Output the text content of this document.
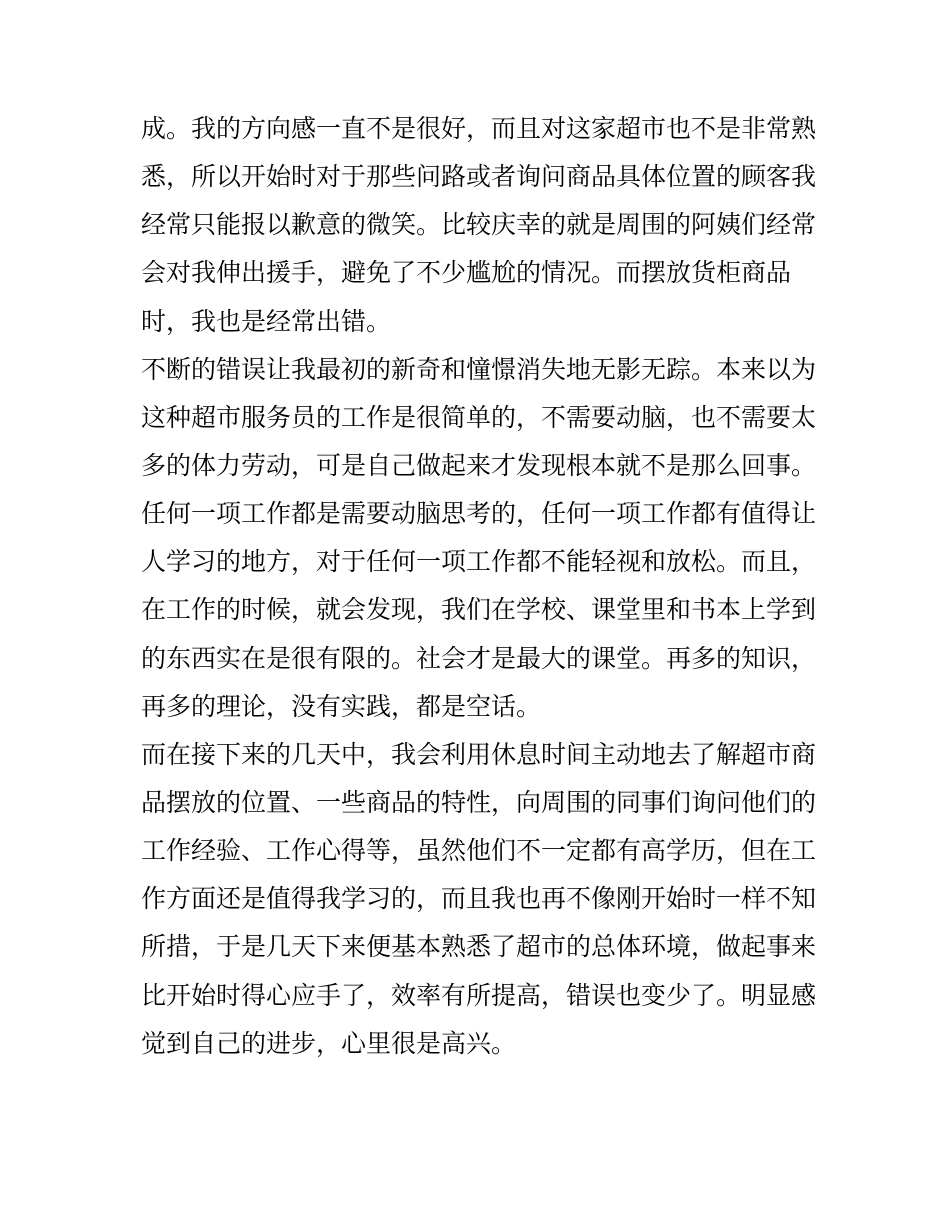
成。我的方向感一直不是很好，而且对这家超市也不是非常熟
悉，所以开始时对于那些问路或者询问商品具体位置的顾客我
经常只能报以歉意的微笑。比较庆幸的就是周围的阿姨们经常
会对我伸出援手，避免了不少尴尬的情况。而摆放货柜商品
时，我也是经常出错。
不断的错误让我最初的新奇和憧憬消失地无影无踪。本来以为
这种超市服务员的工作是很简单的，不需要动脑，也不需要太
多的体力劳动，可是自己做起来才发现根本就不是那么回事。
任何一项工作都是需要动脑思考的，任何一项工作都有值得让
人学习的地方，对于任何一项工作都不能轻视和放松。而且，
在工作的时候，就会发现，我们在学校、课堂里和书本上学到
的东西实在是很有限的。社会才是最大的课堂。再多的知识，
再多的理论，没有实践，都是空话。
而在接下来的几天中，我会利用休息时间主动地去了解超市商
品摆放的位置、一些商品的特性，向周围的同事们询问他们的
工作经验、工作心得等，虽然他们不一定都有高学历，但在工
作方面还是值得我学习的，而且我也再不像刚开始时一样不知
所措，于是几天下来便基本熟悉了超市的总体环境，做起事来
比开始时得心应手了，效率有所提高，错误也变少了。明显感
觉到自己的进步，心里很是高兴。
